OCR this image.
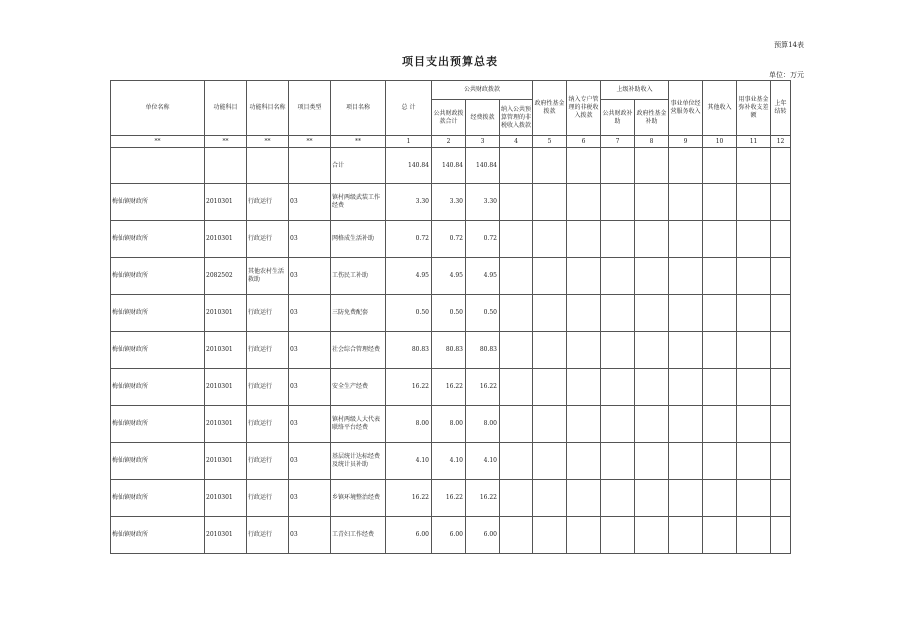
预算14表
项目支出预算总表
单位：万元
单位名称	功能科目	功能科目名称	项目类型	项目名称	总 计	公共财政拨款			政府性基金拨款	纳入专户管理的非税收入拨款	上级补助收入		事业单位经营服务收入	其他收入	用事业基金弥补收支差额	上年结转
						公共财政拨款合计	经费拨款	纳入公共预算管理的非税收入拨款			公共财政补助	政府性基金补助				
**	**	**	**	**	1	2	3	4	5	6	7	8	9	10	11	12
				合计	140.84	140.84	140.84									
梅仙镇财政所	2010301	行政运行	03	镇村两级武装工作经费	3.30	3.30	3.30									
梅仙镇财政所	2010301	行政运行	03	网格成生活补助	0.72	0.72	0.72									
梅仙镇财政所	2082502	其他农村生活救助	03	工伤民工补助	4.95	4.95	4.95									
梅仙镇财政所	2010301	行政运行	03	三防免费配套	0.50	0.50	0.50									
梅仙镇财政所	2010301	行政运行	03	社会综合管理经费	80.83	80.83	80.83									
梅仙镇财政所	2010301	行政运行	03	安全生产经费	16.22	16.22	16.22									
梅仙镇财政所	2010301	行政运行	03	镇村两级人大代表联络平台经费	8.00	8.00	8.00									
梅仙镇财政所	2010301	行政运行	03	基层统计达标经费及统计员补助	4.10	4.10	4.10									
梅仙镇财政所	2010301	行政运行	03	乡镇环境整治经费	16.22	16.22	16.22									
梅仙镇财政所	2010301	行政运行	03	工青妇工作经费	6.00	6.00	6.00									
